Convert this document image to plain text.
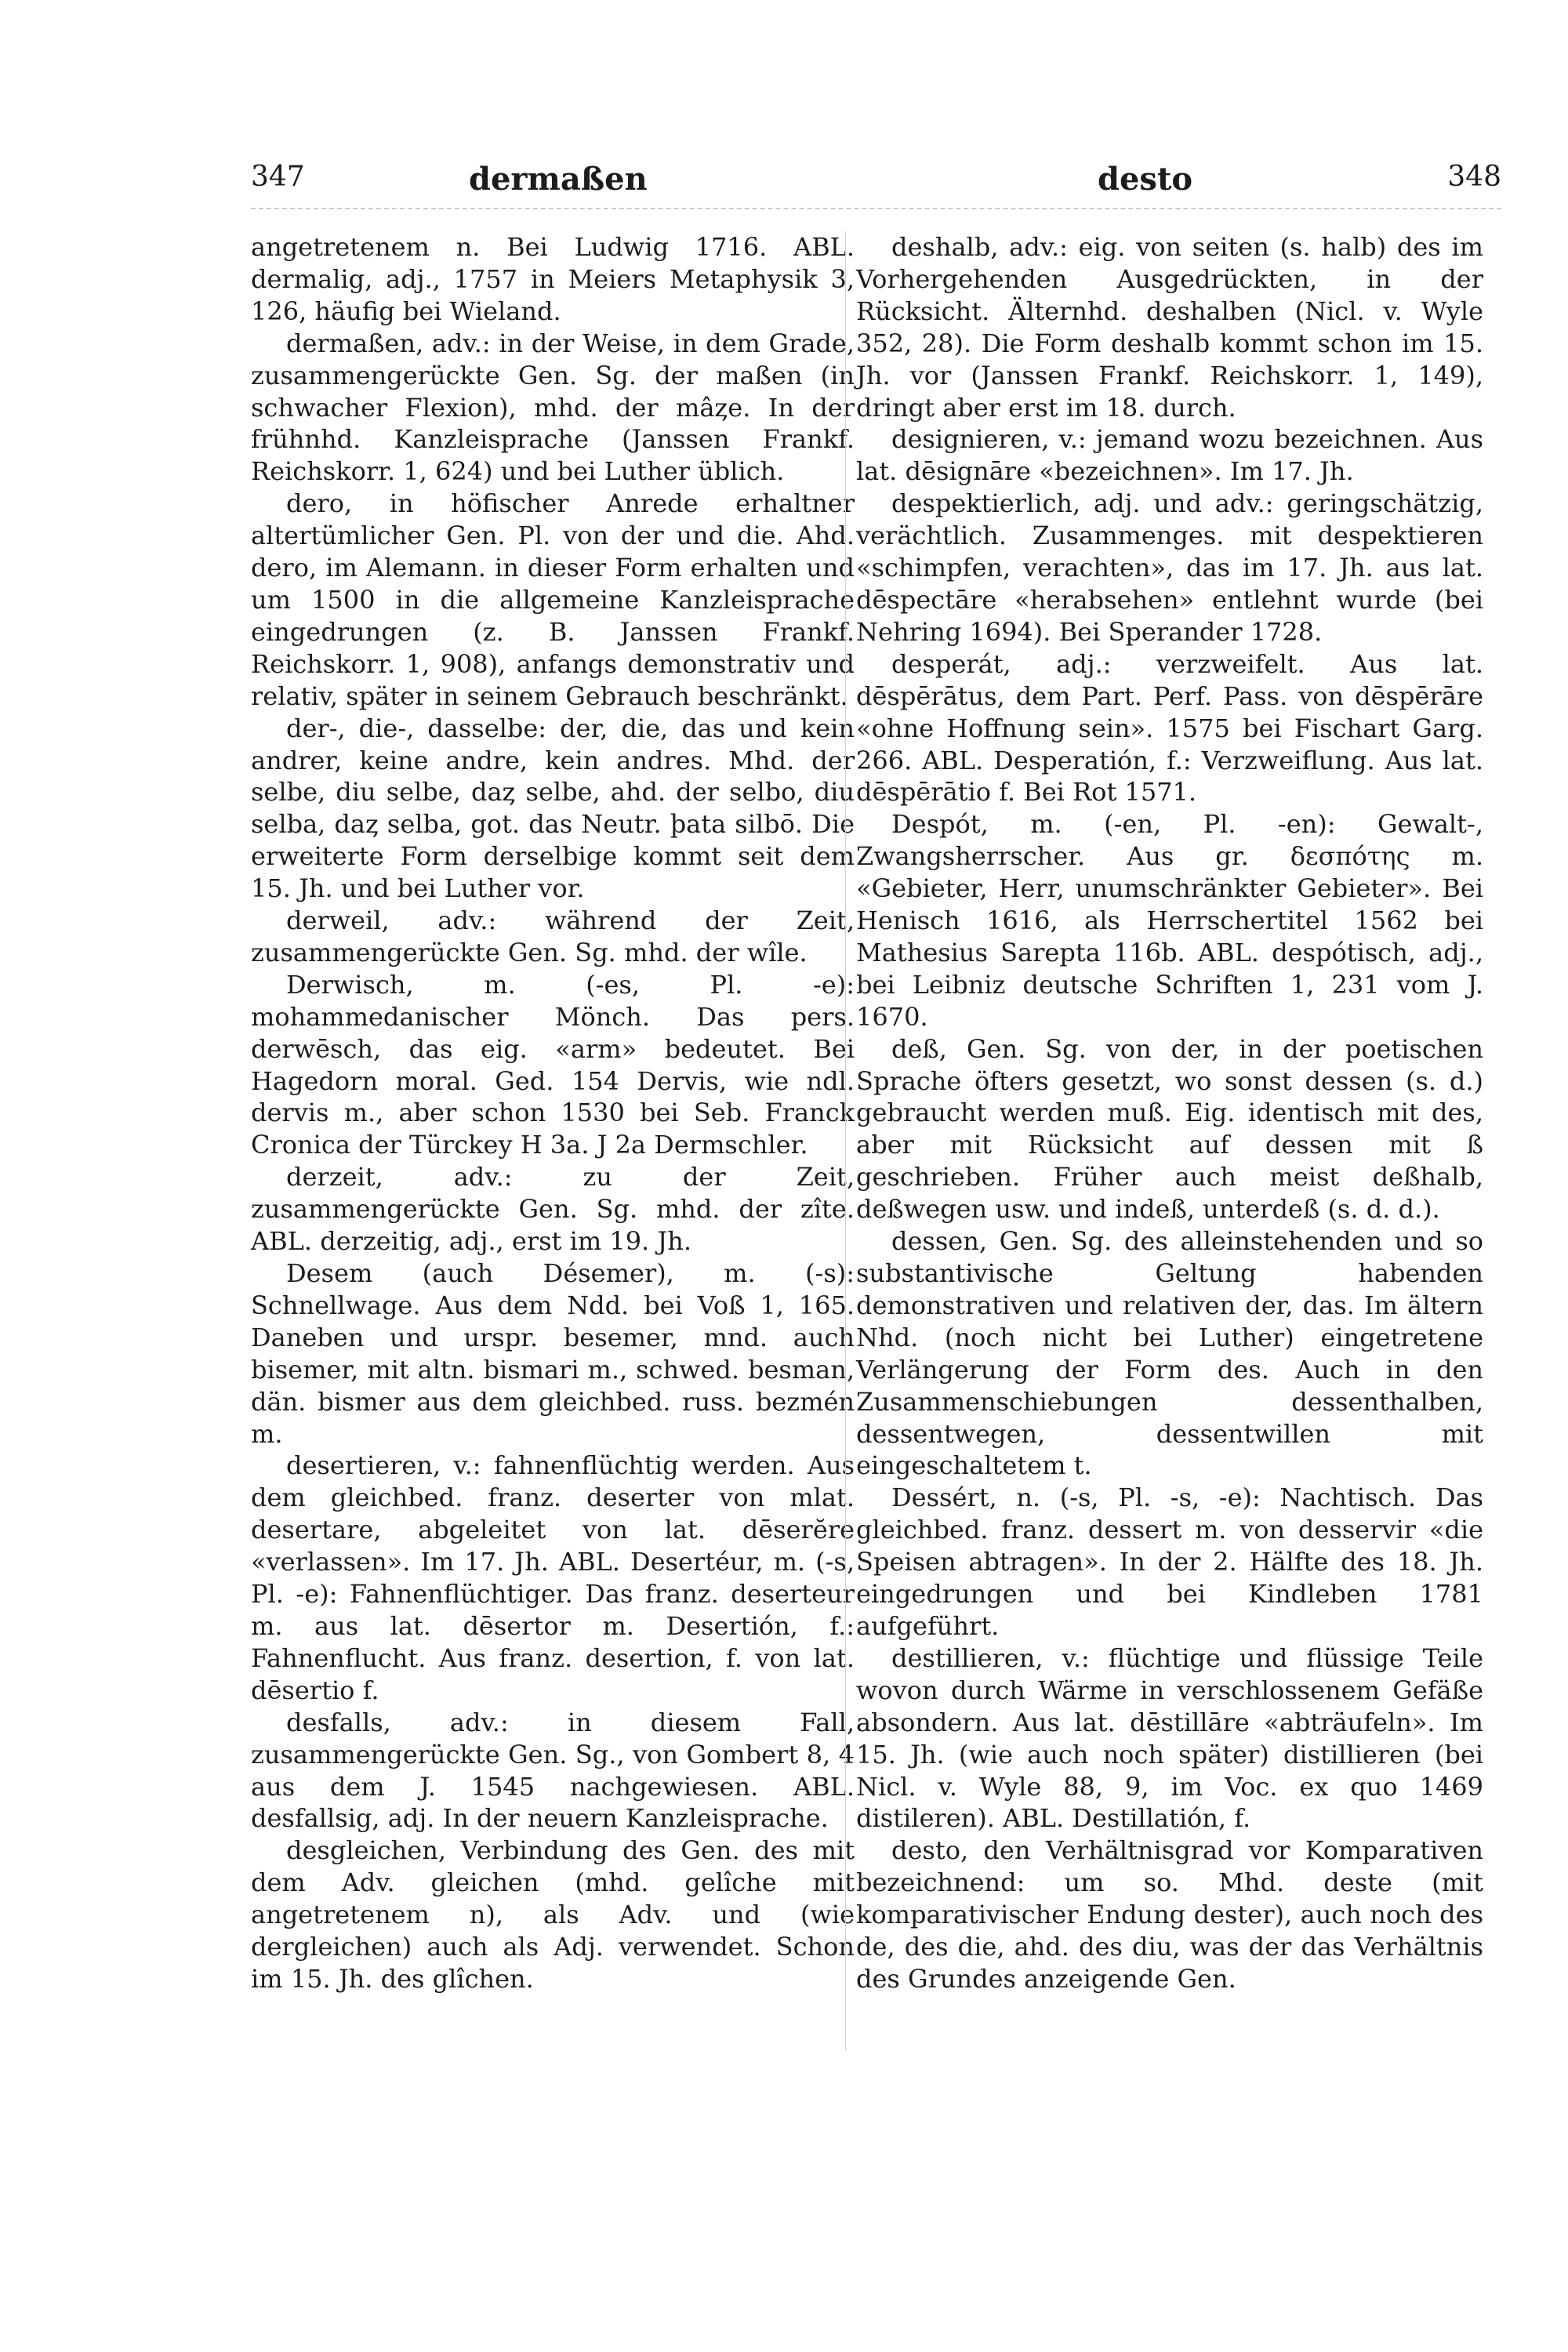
347	dermaßen	desto	348

angetretenem n. Bei Ludwig 1716. ABL. dermalig, adj., 1757 in Meiers Metaphysik 3, 126, häufig bei Wieland.

dermaßen, adv.: in der Weise, in dem Grade, zusammengerückte Gen. Sg. der maßen (in schwacher Flexion), mhd. der mâȥe. In der frühnhd. Kanzleisprache (Janssen Frankf. Reichskorr. 1, 624) und bei Luther üblich.

dero, in höfischer Anrede erhaltner altertümlicher Gen. Pl. von der und die. Ahd. dero, im Alemann. in dieser Form erhalten und um 1500 in die allgemeine Kanzleisprache eingedrungen (z. B. Janssen Frankf. Reichskorr. 1, 908), anfangs demonstrativ und relativ, später in seinem Gebrauch beschränkt.

der-, die-, dasselbe: der, die, das und kein andrer, keine andre, kein andres. Mhd. der selbe, diu selbe, daȥ selbe, ahd. der selbo, diu selba, daȥ selba, got. das Neutr. þata silbō. Die erweiterte Form derselbige kommt seit dem 15. Jh. und bei Luther vor.

derweil, adv.: während der Zeit, zusammengerückte Gen. Sg. mhd. der wîle.

Derwisch, m. (-es, Pl. -e): mohammedanischer Mönch. Das pers. derwēsch, das eig. «arm» bedeutet. Bei Hagedorn moral. Ged. 154 Dervis, wie ndl. dervis m., aber schon 1530 bei Seb. Franck Cronica der Türckey H 3a. J 2a Dermschler.

derzeit, adv.: zu der Zeit, zusammengerückte Gen. Sg. mhd. der zîte. ABL. derzeitig, adj., erst im 19. Jh.

Desem (auch Désemer), m. (-s): Schnellwage. Aus dem Ndd. bei Voß 1, 165. Daneben und urspr. besemer, mnd. auch bisemer, mit altn. bismari m., schwed. besman, dän. bismer aus dem gleichbed. russ. bezmén m.

desertieren, v.: fahnenflüchtig werden. Aus dem gleichbed. franz. deserter von mlat. desertare, abgeleitet von lat. dēserĕre «verlassen». Im 17. Jh. ABL. Desertéur, m. (-s, Pl. -e): Fahnenflüchtiger. Das franz. deserteur m. aus lat. dēsertor m. Desertión, f.: Fahnenflucht. Aus franz. desertion, f. von lat. dēsertio f.

desfalls, adv.: in diesem Fall, zusammengerückte Gen. Sg., von Gombert 8, 4 aus dem J. 1545 nachgewiesen. ABL. desfallsig, adj. In der neuern Kanzleisprache.

desgleichen, Verbindung des Gen. des mit dem Adv. gleichen (mhd. gelîche mit angetretenem n), als Adv. und (wie dergleichen) auch als Adj. verwendet. Schon im 15. Jh. des glîchen.

deshalb, adv.: eig. von seiten (s. halb) des im Vorhergehenden Ausgedrückten, in der Rücksicht. Älternhd. deshalben (Nicl. v. Wyle 352, 28). Die Form deshalb kommt schon im 15. Jh. vor (Janssen Frankf. Reichskorr. 1, 149), dringt aber erst im 18. durch.

designieren, v.: jemand wozu bezeichnen. Aus lat. dēsignāre «bezeichnen». Im 17. Jh.

despektierlich, adj. und adv.: geringschätzig, verächtlich. Zusammenges. mit despektieren «schimpfen, verachten», das im 17. Jh. aus lat. dēspectāre «herabsehen» entlehnt wurde (bei Nehring 1694). Bei Sperander 1728.

desperát, adj.: verzweifelt. Aus lat. dēspērātus, dem Part. Perf. Pass. von dēspērāre «ohne Hoffnung sein». 1575 bei Fischart Garg. 266. ABL. Desperatión, f.: Verzweiflung. Aus lat. dēspērātio f. Bei Rot 1571.

Despót, m. (-en, Pl. -en): Gewalt-, Zwangsherrscher. Aus gr. δεσπότης m. «Gebieter, Herr, unumschränkter Gebieter». Bei Henisch 1616, als Herrschertitel 1562 bei Mathesius Sarepta 116b. ABL. despótisch, adj., bei Leibniz deutsche Schriften 1, 231 vom J. 1670.

deß, Gen. Sg. von der, in der poetischen Sprache öfters gesetzt, wo sonst dessen (s. d.) gebraucht werden muß. Eig. identisch mit des, aber mit Rücksicht auf dessen mit ß geschrieben. Früher auch meist deßhalb, deßwegen usw. und indeß, unterdeß (s. d. d.).

dessen, Gen. Sg. des alleinstehenden und so substantivische Geltung habenden demonstrativen und relativen der, das. Im ältern Nhd. (noch nicht bei Luther) eingetretene Verlängerung der Form des. Auch in den Zusammenschiebungen dessenthalben, dessentwegen, dessentwillen mit eingeschaltetem t.

Dessért, n. (-s, Pl. -s, -e): Nachtisch. Das gleichbed. franz. dessert m. von desservir «die Speisen abtragen». In der 2. Hälfte des 18. Jh. eingedrungen und bei Kindleben 1781 aufgeführt.

destillieren, v.: flüchtige und flüssige Teile wovon durch Wärme in verschlossenem Gefäße absondern. Aus lat. dēstillāre «abträufeln». Im 15. Jh. (wie auch noch später) distillieren (bei Nicl. v. Wyle 88, 9, im Voc. ex quo 1469 distileren). ABL. Destillatión, f.

desto, den Verhältnisgrad vor Komparativen bezeichnend: um so. Mhd. deste (mit komparativischer Endung dester), auch noch des de, des die, ahd. des diu, was der das Verhältnis des Grundes anzeigende Gen.
